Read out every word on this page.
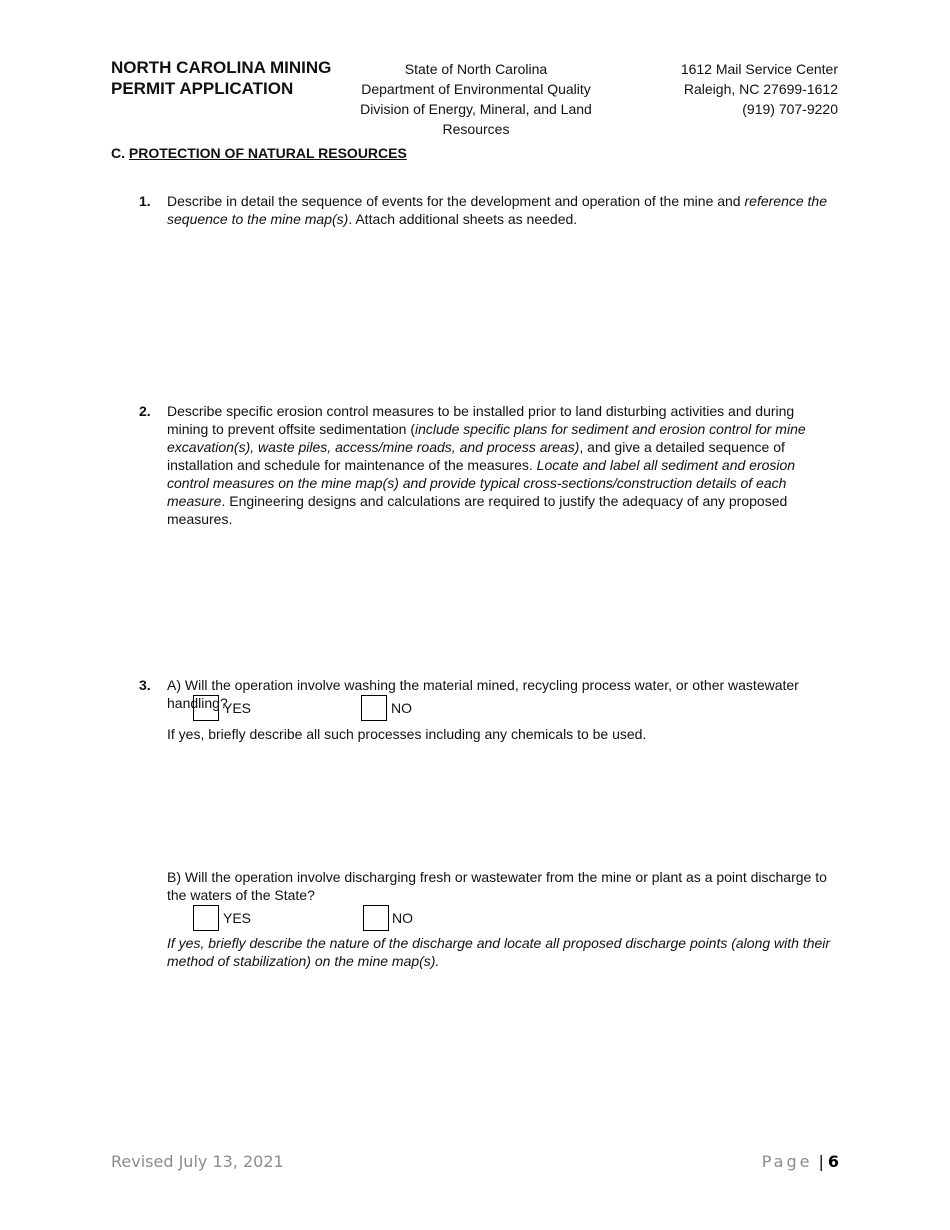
NORTH CAROLINA MINING
PERMIT APPLICATION
State of North Carolina
Department of Environmental Quality
Division of Energy, Mineral, and Land Resources
1612 Mail Service Center
Raleigh, NC 27699-1612
(919) 707-9220
C. PROTECTION OF NATURAL RESOURCES
1. Describe in detail the sequence of events for the development and operation of the mine and reference the sequence to the mine map(s). Attach additional sheets as needed.
2. Describe specific erosion control measures to be installed prior to land disturbing activities and during mining to prevent offsite sedimentation (include specific plans for sediment and erosion control for mine excavation(s), waste piles, access/mine roads, and process areas), and give a detailed sequence of installation and schedule for maintenance of the measures. Locate and label all sediment and erosion control measures on the mine map(s) and provide typical cross-sections/construction details of each measure. Engineering designs and calculations are required to justify the adequacy of any proposed measures.
3. A) Will the operation involve washing the material mined, recycling process water, or other wastewater handling?
YES	NO
If yes, briefly describe all such processes including any chemicals to be used.
B) Will the operation involve discharging fresh or wastewater from the mine or plant as a point discharge to the waters of the State?
YES	NO
If yes, briefly describe the nature of the discharge and locate all proposed discharge points (along with their method of stabilization) on the mine map(s).
Revised July 13, 2021	Page | 6
